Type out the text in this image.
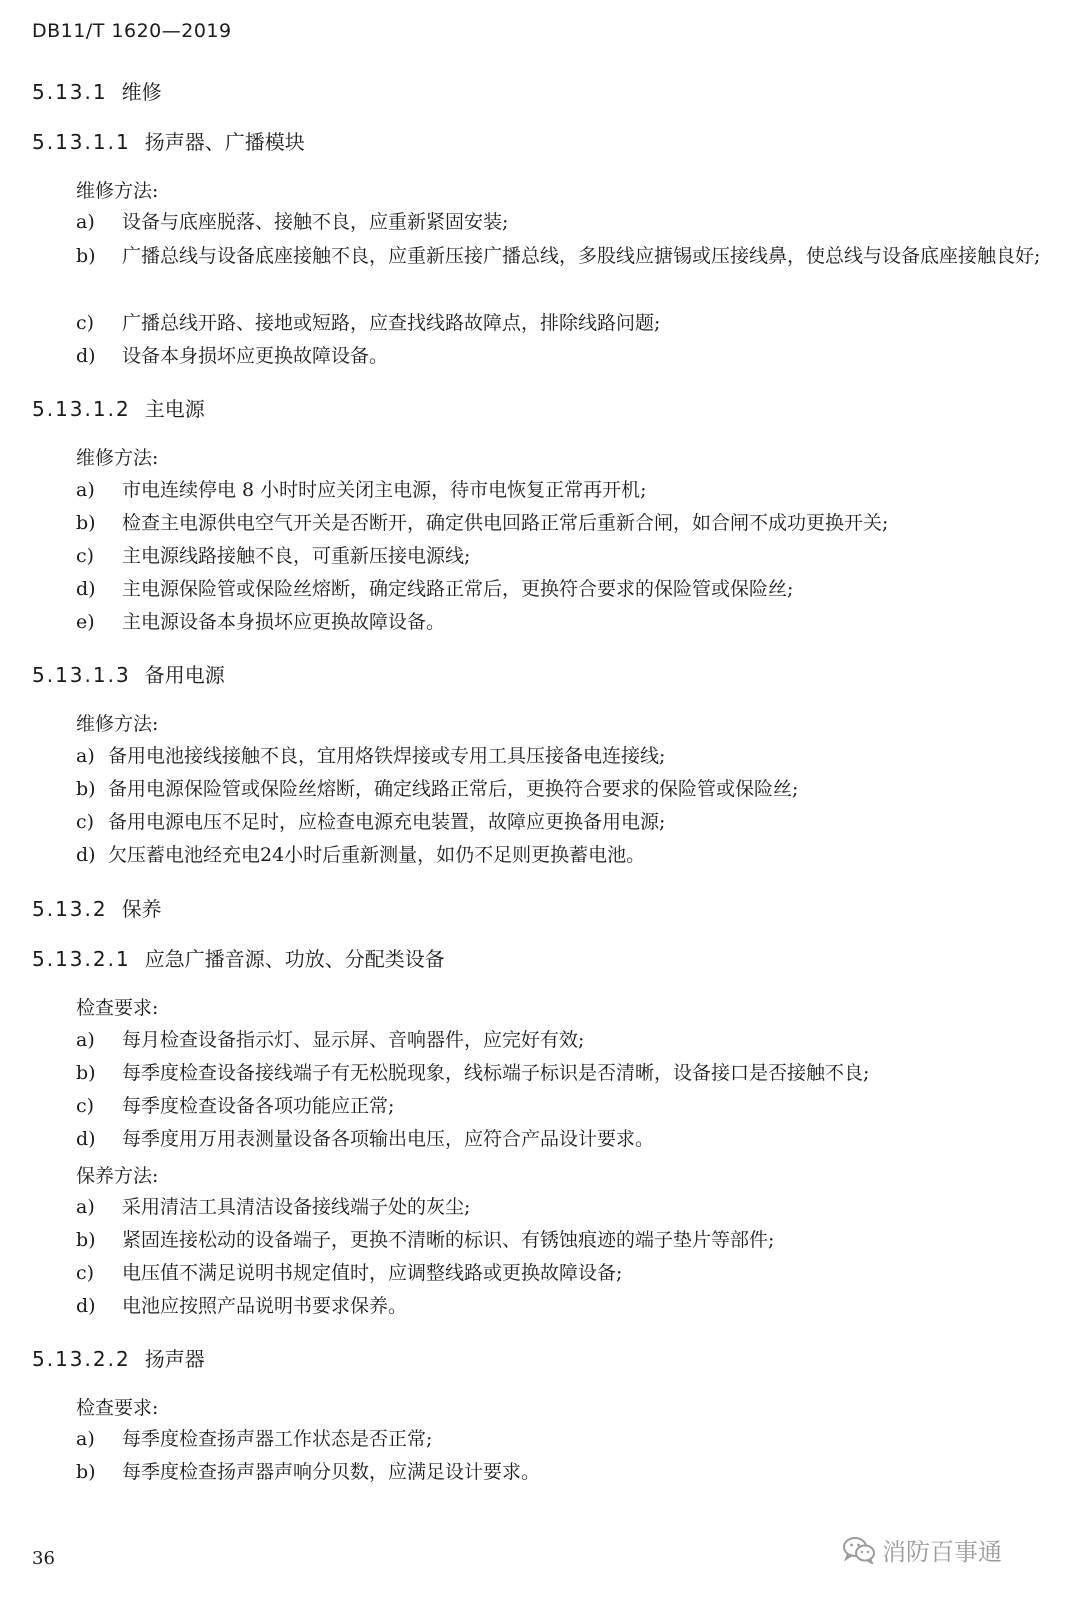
DB11/T 1620—2019
5.13.1 维修
5.13.1.1 扬声器、广播模块
维修方法:
a) 设备与底座脱落、接触不良，应重新紧固安装;
b) 广播总线与设备底座接触不良，应重新压接广播总线，多股线应搪锡或压接线鼻，使总线与设备底座接触良好;
c) 广播总线开路、接地或短路，应查找线路故障点，排除线路问题;
d) 设备本身损坏应更换故障设备。
5.13.1.2 主电源
维修方法:
a) 市电连续停电 8 小时时应关闭主电源，待市电恢复正常再开机;
b) 检查主电源供电空气开关是否断开，确定供电回路正常后重新合闸，如合闸不成功更换开关;
c) 主电源线路接触不良，可重新压接电源线;
d) 主电源保险管或保险丝熔断，确定线路正常后，更换符合要求的保险管或保险丝;
e) 主电源设备本身损坏应更换故障设备。
5.13.1.3 备用电源
维修方法:
a) 备用电池接线接触不良，宜用烙铁焊接或专用工具压接备电连接线;
b) 备用电源保险管或保险丝熔断，确定线路正常后，更换符合要求的保险管或保险丝;
c) 备用电源电压不足时，应检查电源充电装置，故障应更换备用电源;
d) 欠压蓄电池经充电24小时后重新测量，如仍不足则更换蓄电池。
5.13.2 保养
5.13.2.1 应急广播音源、功放、分配类设备
检查要求:
a) 每月检查设备指示灯、显示屏、音响器件，应完好有效;
b) 每季度检查设备接线端子有无松脱现象，线标端子标识是否清晰，设备接口是否接触不良;
c) 每季度检查设备各项功能应正常;
d) 每季度用万用表测量设备各项输出电压，应符合产品设计要求。
保养方法:
a) 采用清洁工具清洁设备接线端子处的灰尘;
b) 紧固连接松动的设备端子，更换不清晰的标识、有锈蚀痕迹的端子垫片等部件;
c) 电压值不满足说明书规定值时，应调整线路或更换故障设备;
d) 电池应按照产品说明书要求保养。
5.13.2.2 扬声器
检查要求:
a) 每季度检查扬声器工作状态是否正常;
b) 每季度检查扬声器声响分贝数，应满足设计要求。
36	消防百事通
